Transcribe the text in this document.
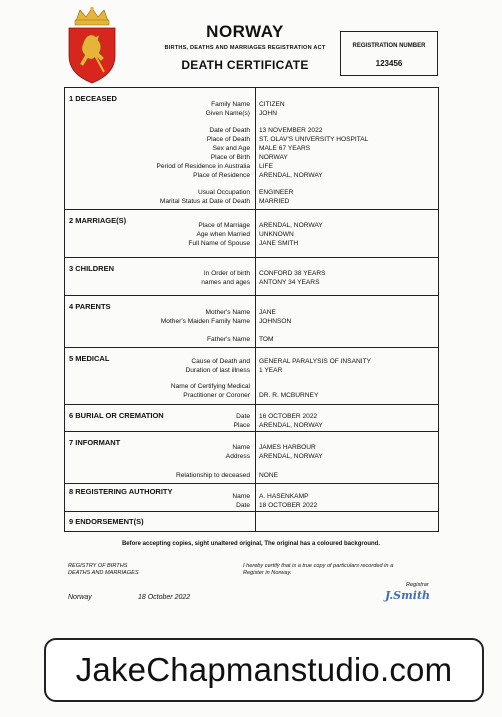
NORWAY
BIRTHS, DEATHS AND MARRIAGES REGISTRATION ACT
DEATH CERTIFICATE
REGISTRATION NUMBER
123456
1 DECEASED
Family Name CITIZEN
Given Name(s) JOHN
Date of Death 13 NOVEMBER 2022
Place of Death ST. OLAV'S UNIVERSITY HOSPITAL
Sex and Age MALE 67 YEARS
Place of Birth NORWAY
Period of Residence in Australia LIFE
Place of Residence ARENDAL, NORWAY
Usual Occupation ENGINEER
Marital Status at Date of Death MARRIED
2 MARRIAGE(S)
Place of Marriage ARENDAL, NORWAY
Age when Married UNKNOWN
Full Name of Spouse JANE SMITH
3 CHILDREN
In Order of birth CONFORD 38 YEARS
names and ages ANTONY 34 YEARS
4 PARENTS
Mother's Name JANE
Mother's Maiden Family Name JOHNSON
Father's Name TOM
5 MEDICAL	Cause of Death and GENERAL PARALYSIS OF INSANITY
Duration of last illness 1 YEAR
Name of Certifying Medical
Practitioner or Coroner DR. R. MCBURNEY
6 BURIAL OR CREMATION	Date 16 OCTOBER 2022
Place ARENDAL, NORWAY
7 INFORMANT
Name JAMES HARBOUR
Address ARENDAL, NORWAY
Relationship to deceased NONE
8 REGISTERING AUTHORITY
Name A. HASENKAMP
Date 18 OCTOBER 2022
9 ENDORSEMENT(S)
Before accepting copies, sight unaltered original, The original has a coloured background.
REGISTRY OF BIRTHS
DEATHS AND MARRIAGES
I hereby certify that is a true copy of particulars recorded in a
Register in Norway.
Registrar
J.Smith
Norway	18 October 2022
JakeChapmanstudio.com
